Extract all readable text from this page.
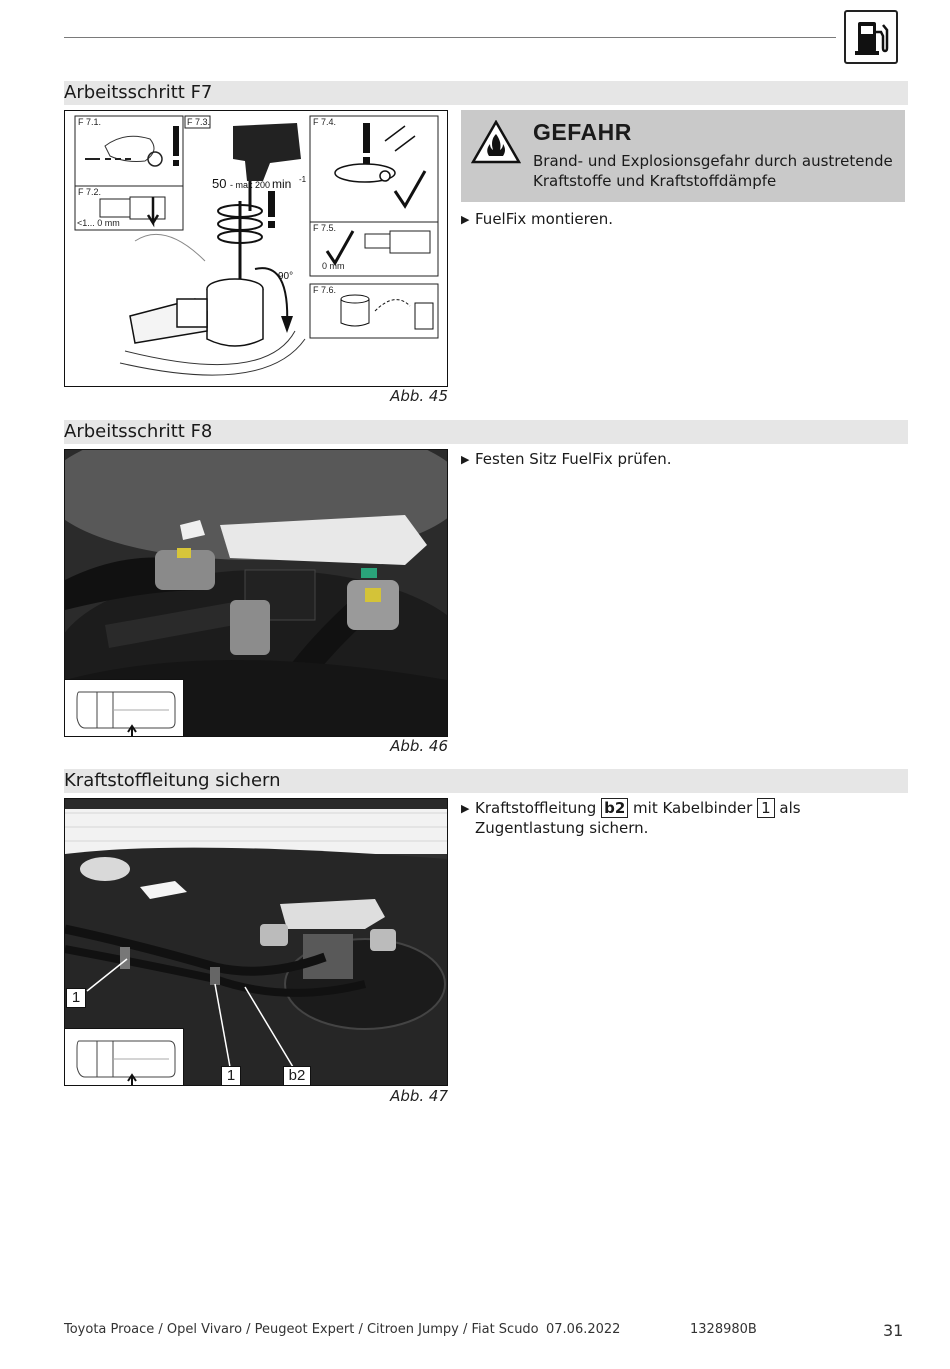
Arbeitsschritt F7
F 7.1.
F 7.2.
<1... 0 mm
F 7.3.
50 - max 200 min -1
90°
F 7.4.
F 7.5.
F 7.6.
0 mm
Abb. 45
GEFAHR
Brand- und Explosionsgefahr durch austretende Kraftstoffe und Kraftstoffdämpfe
▶ FuelFix montieren.
Arbeitsschritt F8
Abb. 46
▶ Festen Sitz FuelFix prüfen.
Kraftstoffleitung sichern
1
1	b2
Abb. 47
▶ Kraftstoffleitung b2 mit Kabelbinder 1 als Zugentlastung sichern.
Toyota Proace / Opel Vivaro / Peugeot Expert / Citroen Jumpy / Fiat Scudo 07.06.2022	1328980B	31
